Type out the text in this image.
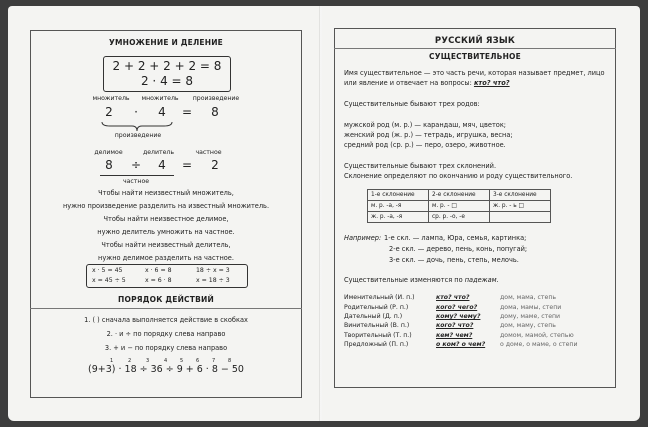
УМНОЖЕНИЕ И ДЕЛЕНИЕ
2 + 2 + 2 + 2 = 8
2 · 4 = 8
множитель	множитель	произведение
2	·	4	=	8
произведение
делимое	делитель	частное
8	÷	4	=	2
частное
Чтобы найти неизвестный множитель,
нужно произведение разделить на известный множитель.
Чтобы найти неизвестное делимое,
нужно делитель умножить на частное.
Чтобы найти неизвестный делитель,
нужно делимое разделить на частное.
x · 5 = 45	x · 6 = 8	18 ÷ x = 3
x = 45 ÷ 5	x = 6 · 8	x = 18 ÷ 3
ПОРЯДОК ДЕЙСТВИЙ
1. ( ) сначала выполняется действие в скобках
2. · и ÷ по порядку слева направо
3. + и − по порядку слева направо
1	2	3	4	5	6	7	8
(9+3) · 18 ÷ 36 ÷ 9 + 6 · 8 − 50
РУССКИЙ ЯЗЫК
СУЩЕСТВИТЕЛЬНОЕ
Имя существительное — это часть речи, которая называет предмет, лицо
или явление и отвечает на вопросы: кто? что?
Существительные бывают трех родов:
мужской род (м. р.) — карандаш, мяч, цветок;
женский род (ж. р.) — тетрадь, игрушка, весна;
средний род (ср. р.) — перо, озеро, животное.
Существительные бывают трех склонений.
Склонение определяют по окончанию и роду существительного.
1-е склонение	2-е склонение	3-е склонение
м. р. -а, -я	м. р. - □	ж. р. - ь □
ж. р. -а, -я	ср. р. -о, -е	
Например: 1-е скл. — лампа, Юра, семья, картинка;
2-е скл. — дерево, пень, конь, попугай;
3-е скл. — дочь, пень, степь, мелочь.
Существительные изменяются по падежам.
Именительный (И. п.)	кто? что?	дом, мама, степь
Родительный (Р. п.)	кого? чего?	дома, мамы, степи
Дательный (Д. п.)	кому? чему?	дому, маме, степи
Винительный (В. п.)	кого? что?	дом, маму, степь
Творительный (Т. п.)	кем? чем?	домом, мамой, степью
Предложный (П. п.)	о ком? о чем?	о доме, о маме, о степи
